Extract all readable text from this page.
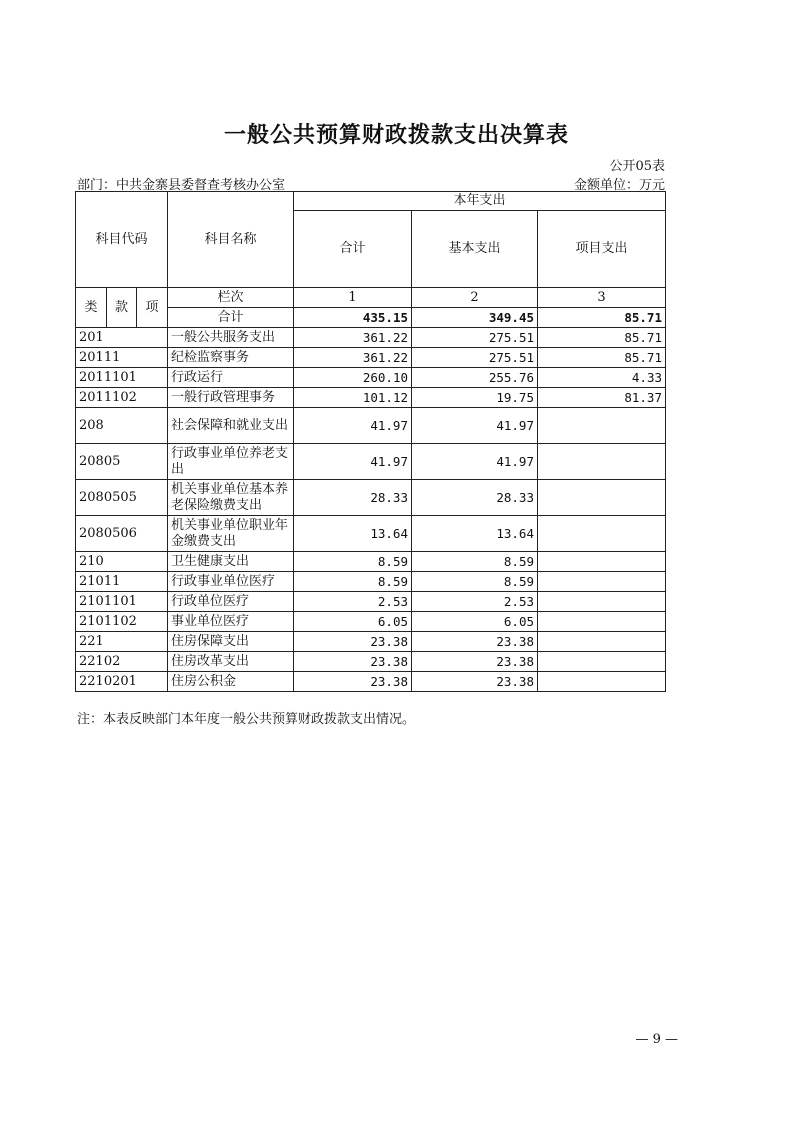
一般公共预算财政拨款支出决算表
公开05表
部门：中共金寨县委督查考核办公室	金额单位：万元
科目代码			科目名称	本年支出		
				合计	基本支出	项目支出
类	款	项	栏次	1	2	3
			合计	435.15	349.45	85.71
201			一般公共服务支出	361.22	275.51	85.71
20111			纪检监察事务	361.22	275.51	85.71
2011101			行政运行	260.10	255.76	4.33
2011102			一般行政管理事务	101.12	19.75	81.37
208			社会保障和就业支出	41.97	41.97	
20805			行政事业单位养老支出	41.97	41.97	
2080505			机关事业单位基本养老保险缴费支出	28.33	28.33	
2080506			机关事业单位职业年金缴费支出	13.64	13.64	
210			卫生健康支出	8.59	8.59	
21011			行政事业单位医疗	8.59	8.59	
2101101			行政单位医疗	2.53	2.53	
2101102			事业单位医疗	6.05	6.05	
221			住房保障支出	23.38	23.38	
22102			住房改革支出	23.38	23.38	
2210201			住房公积金	23.38	23.38	
注：本表反映部门本年度一般公共预算财政拨款支出情况。
— 9 —
